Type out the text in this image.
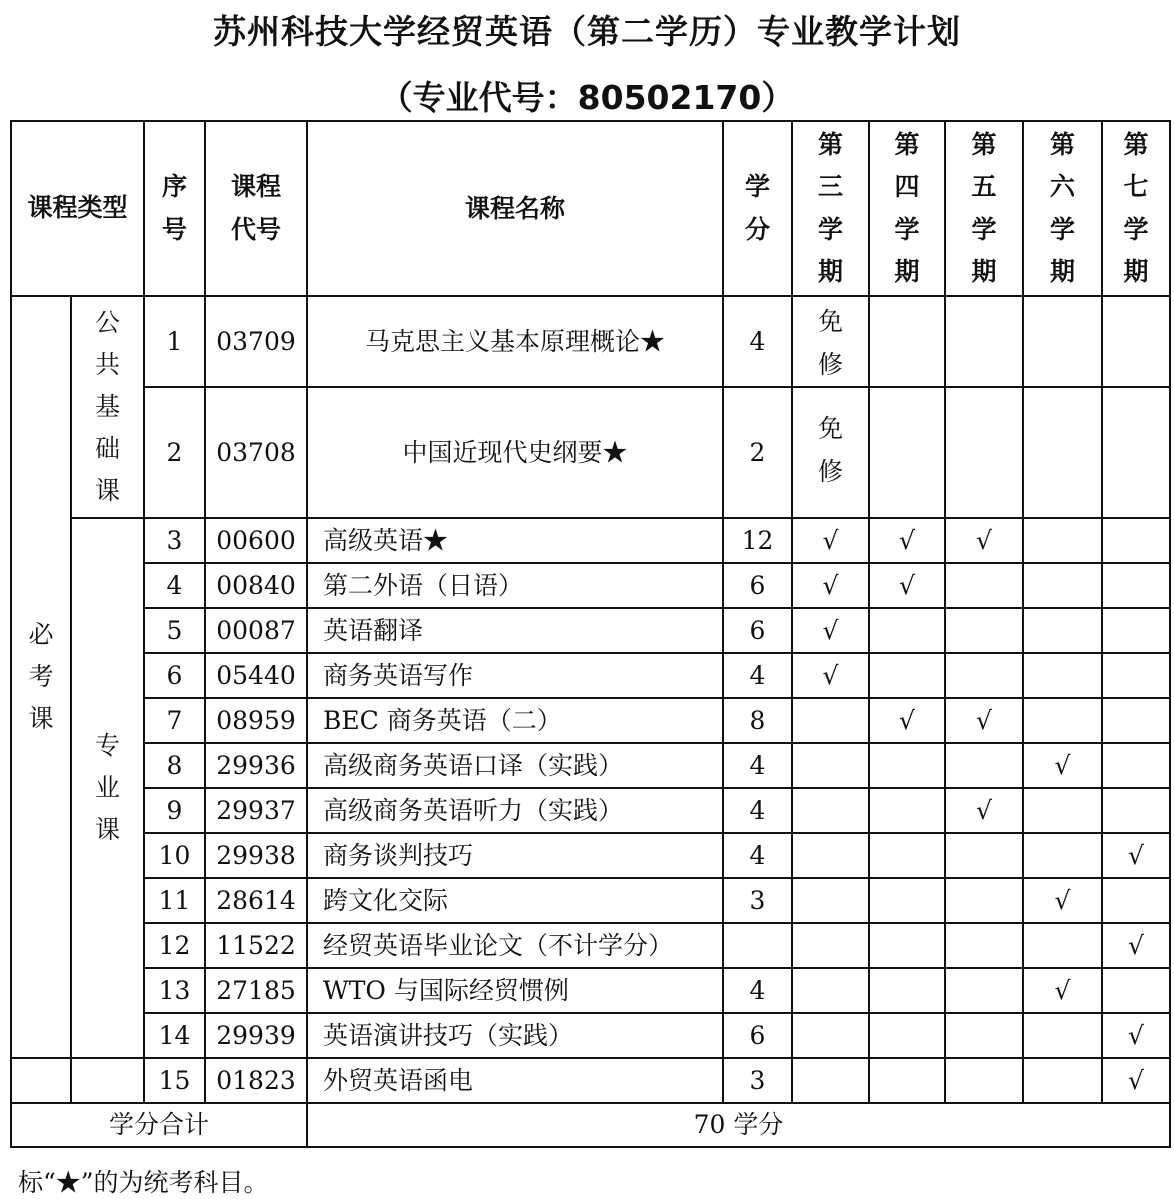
苏州科技大学经贸英语（第二学历）专业教学计划
（专业代号：80502170）
课程类型		序号	课程代号	课程名称	学分	第三学期	第四学期	第五学期	第六学期	第七学期
必考课	公共基础课	1	03709	马克思主义基本原理概论★	4	免修				
		2	03708	中国近现代史纲要★	2	免修				
	专业课	3	00600	高级英语★	12	√	√	√		
		4	00840	第二外语（日语）	6	√	√			
		5	00087	英语翻译	6	√				
		6	05440	商务英语写作	4	√				
		7	08959	BEC 商务英语（二）	8		√	√		
		8	29936	高级商务英语口译（实践）	4				√	
		9	29937	高级商务英语听力（实践）	4			√		
		10	29938	商务谈判技巧	4					√
		11	28614	跨文化交际	3				√	
		12	11522	经贸英语毕业论文（不计学分）						√
		13	27185	WTO 与国际经贸惯例	4				√	
		14	29939	英语演讲技巧（实践）	6					√
		15	01823	外贸英语函电	3					√
学分合计				70 学分						
标“★”的为统考科目。
